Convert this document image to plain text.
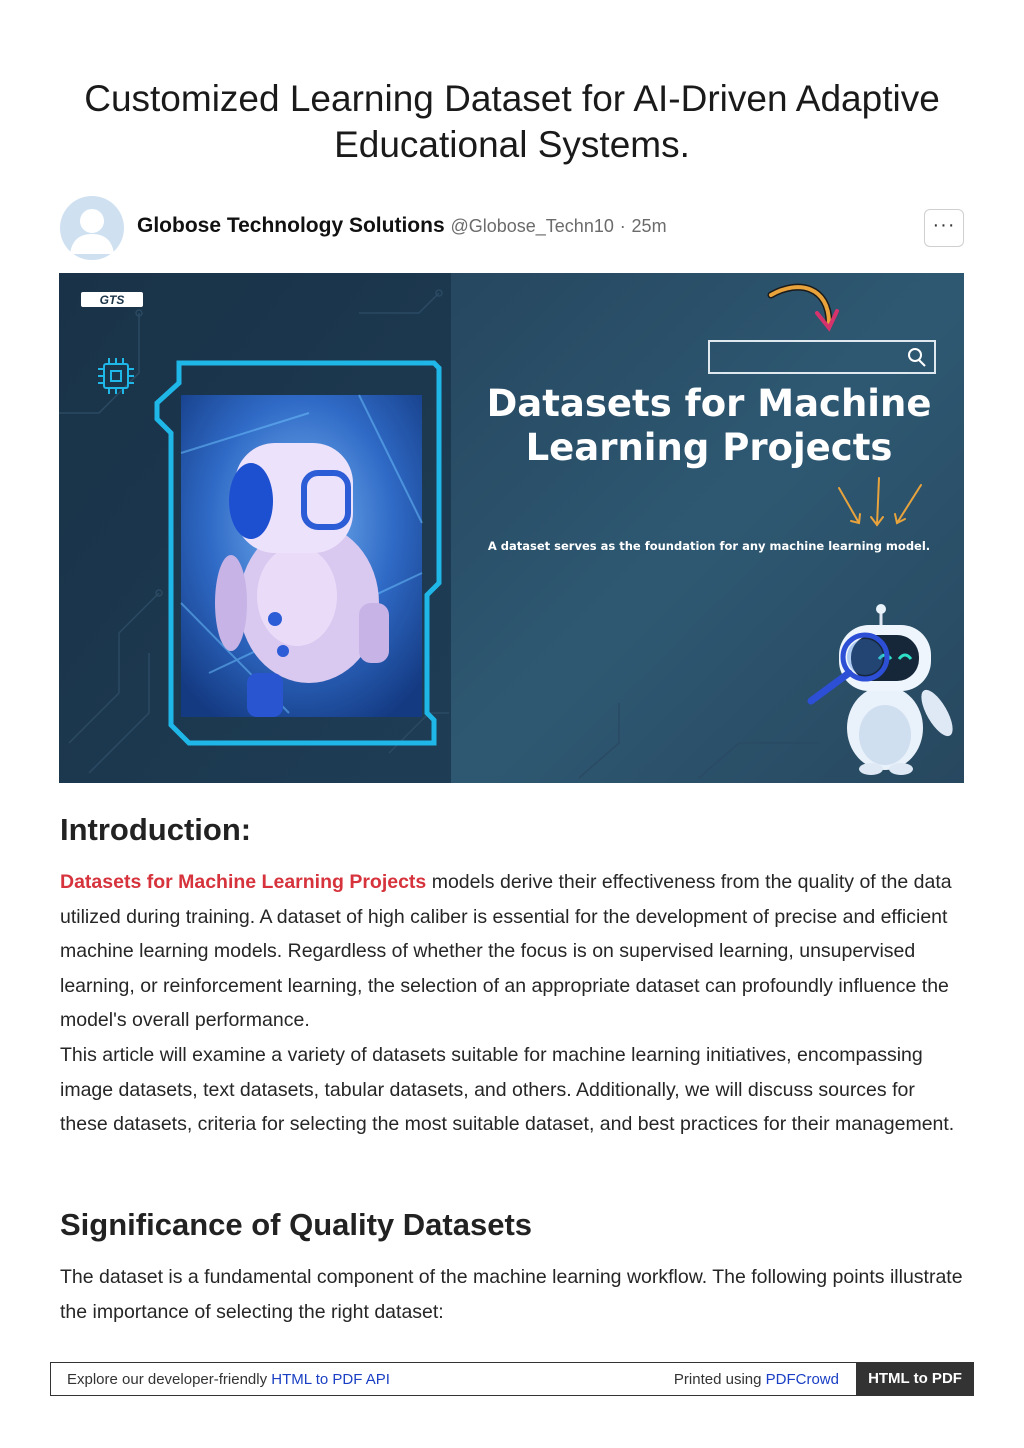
Customized Learning Dataset for AI-Driven Adaptive Educational Systems.
Globose Technology Solutions @Globose_Techn10 · 25m	···
GTS
Datasets for Machine
Learning Projects
A dataset serves as the foundation for any machine learning model.
Introduction:

Datasets for Machine Learning Projects models derive their effectiveness from the quality of the data utilized during training. A dataset of high caliber is essential for the development of precise and efficient machine learning models. Regardless of whether the focus is on supervised learning, unsupervised learning, or reinforcement learning, the selection of an appropriate dataset can profoundly influence the model's overall performance.

This article will examine a variety of datasets suitable for machine learning initiatives, encompassing image datasets, text datasets, tabular datasets, and others. Additionally, we will discuss sources for these datasets, criteria for selecting the most suitable dataset, and best practices for their management.

Significance of Quality Datasets

The dataset is a fundamental component of the machine learning workflow. The following points illustrate the importance of selecting the right dataset:

Explore our developer-friendly HTML to PDF API	Printed using PDFCrowd	HTML to PDF
